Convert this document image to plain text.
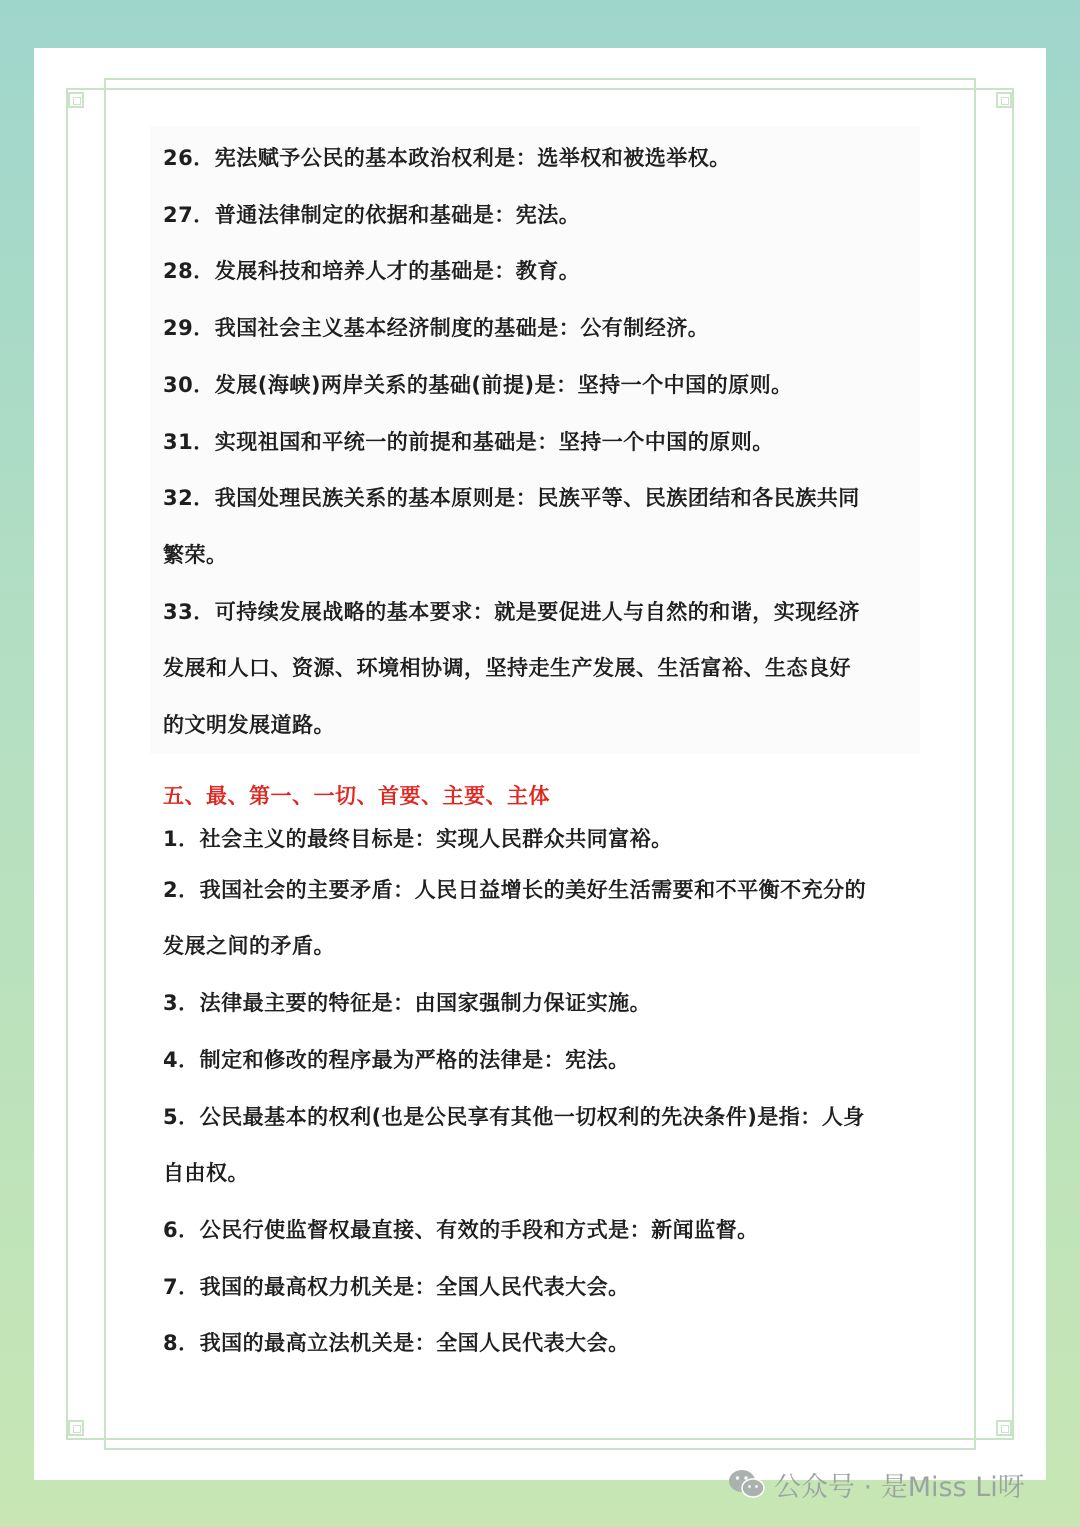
26．宪法赋予公民的基本政治权利是：选举权和被选举权。

27．普通法律制定的依据和基础是：宪法。

28．发展科技和培养人才的基础是：教育。

29．我国社会主义基本经济制度的基础是：公有制经济。

30．发展(海峡)两岸关系的基础(前提)是：坚持一个中国的原则。

31．实现祖国和平统一的前提和基础是：坚持一个中国的原则。

32．我国处理民族关系的基本原则是：民族平等、民族团结和各民族共同

繁荣。

33．可持续发展战略的基本要求：就是要促进人与自然的和谐，实现经济

发展和人口、资源、环境相协调，坚持走生产发展、生活富裕、生态良好

的文明发展道路。

五、最、第一、一切、首要、主要、主体

1．社会主义的最终目标是：实现人民群众共同富裕。

2．我国社会的主要矛盾：人民日益增长的美好生活需要和不平衡不充分的

发展之间的矛盾。

3．法律最主要的特征是：由国家强制力保证实施。

4．制定和修改的程序最为严格的法律是：宪法。

5．公民最基本的权利(也是公民享有其他一切权利的先决条件)是指：人身

自由权。

6．公民行使监督权最直接、有效的手段和方式是：新闻监督。

7．我国的最高权力机关是：全国人民代表大会。

8．我国的最高立法机关是：全国人民代表大会。

公众号 · 是Miss Li呀
